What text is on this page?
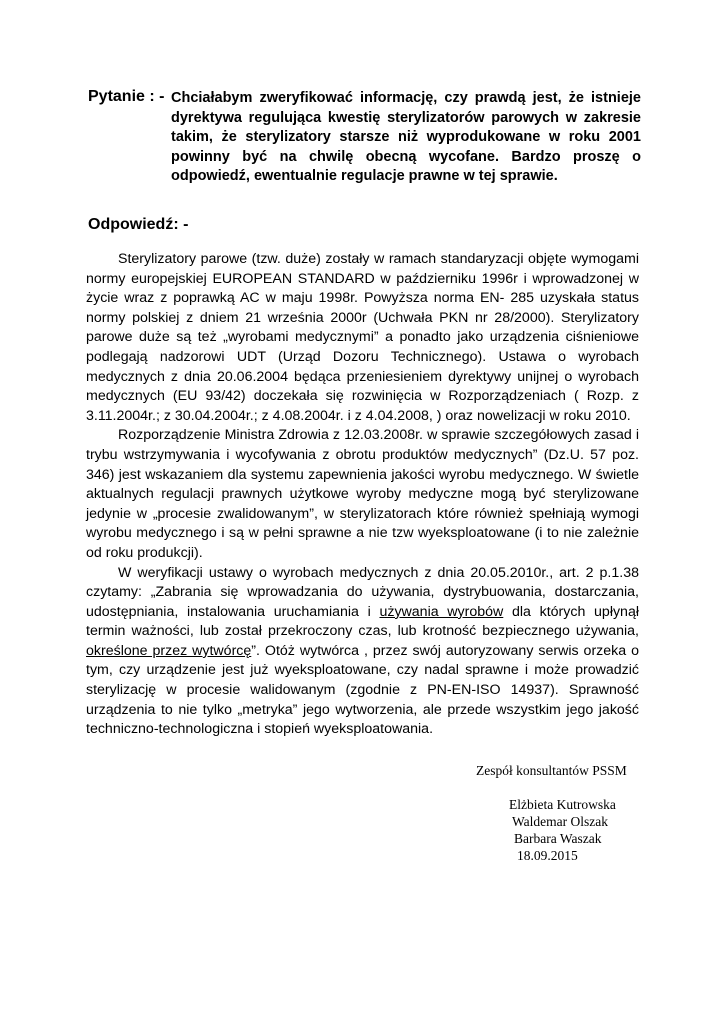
Pytanie : - Chciałabym zweryfikować informację, czy prawdą jest, że istnieje dyrektywa regulująca kwestię sterylizatorów parowych w zakresie takim, że sterylizatory starsze niż wyprodukowane w roku 2001 powinny być na chwilę obecną wycofane. Bardzo proszę o odpowiedź, ewentualnie regulacje prawne w tej sprawie.
Odpowiedź: -

Sterylizatory parowe (tzw. duże) zostały w ramach standaryzacji objęte wymogami normy europejskiej EUROPEAN STANDARD w październiku 1996r i wprowadzonej w życie wraz z poprawką AC w maju 1998r. Powyższa norma EN- 285 uzyskała status normy polskiej z dniem 21 września 2000r (Uchwała PKN nr 28/2000). Sterylizatory parowe duże są też „wyrobami medycznymi” a ponadto jako urządzenia ciśnieniowe podlegają nadzorowi UDT (Urząd Dozoru Technicznego). Ustawa o wyrobach medycznych z dnia 20.06.2004 będąca przeniesieniem dyrektywy unijnej o wyrobach medycznych (EU 93/42) doczekała się rozwinięcia w Rozporządzeniach ( Rozp. z 3.11.2004r.; z 30.04.2004r.; z 4.08.2004r. i z 4.04.2008, ) oraz nowelizacji w roku 2010.

Rozporządzenie Ministra Zdrowia z 12.03.2008r. w sprawie szczegółowych zasad i trybu wstrzymywania i wycofywania z obrotu produktów medycznych” (Dz.U. 57 poz. 346) jest wskazaniem dla systemu zapewnienia jakości wyrobu medycznego. W świetle aktualnych regulacji prawnych użytkowe wyroby medyczne mogą być sterylizowane jedynie w „procesie zwalidowanym”, w sterylizatorach które również spełniają wymogi wyrobu medycznego i są w pełni sprawne a nie tzw wyeksploatowane (i to nie zależnie od roku produkcji).

W weryfikacji ustawy o wyrobach medycznych z dnia 20.05.2010r., art. 2 p.1.38 czytamy: „Zabrania się wprowadzania do używania, dystrybuowania, dostarczania, udostępniania, instalowania uruchamiania i używania wyrobów dla których upłynął termin ważności, lub został przekroczony czas, lub krotność bezpiecznego używania, określone przez wytwórcę”. Otóż wytwórca , przez swój autoryzowany serwis orzeka o tym, czy urządzenie jest już wyeksploatowane, czy nadal sprawne i może prowadzić sterylizację w procesie walidowanym (zgodnie z PN-EN-ISO 14937). Sprawność urządzenia to nie tylko „metryka” jego wytworzenia, ale przede wszystkim jego jakość techniczno-technologiczna i stopień wyeksploatowania.

Zespół konsultantów PSSM
Elżbieta Kutrowska
Waldemar Olszak
Barbara Waszak
18.09.2015
